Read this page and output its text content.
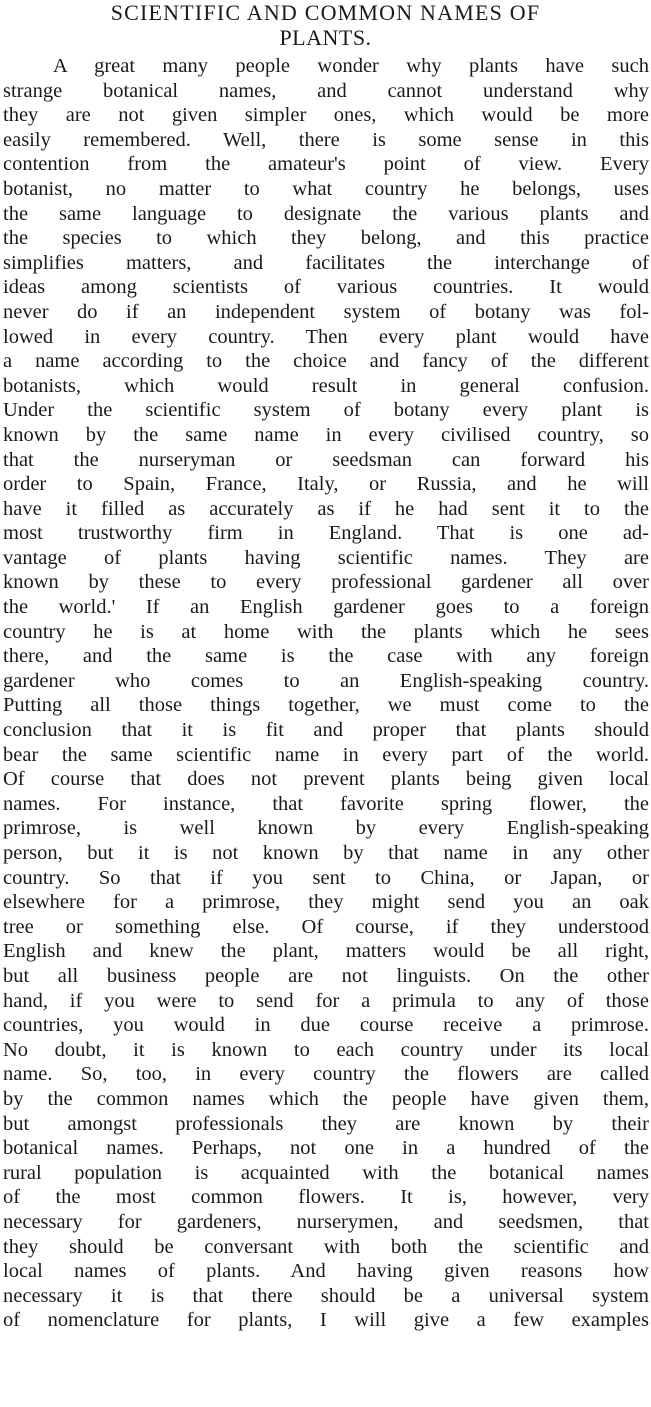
SCIENTIFIC AND COMMON NAMES OF
PLANTS.
A great many people wonder why plants have such
strange botanical names, and cannot understand why
they are not given simpler ones, which would be more
easily remembered. Well, there is some sense in this
contention from the amateur's point of view. Every
botanist, no matter to what country he belongs, uses
the same language to designate the various plants and
the species to which they belong, and this practice
simplifies matters, and facilitates the interchange of
ideas among scientists of various countries. It would
never do if an independent system of botany was fol-
lowed in every country. Then every plant would have
a name according to the choice and fancy of the different
botanists, which would result in general confusion.
Under the scientific system of botany every plant is
known by the same name in every civilised country, so
that the nurseryman or seedsman can forward his
order to Spain, France, Italy, or Russia, and he will
have it filled as accurately as if he had sent it to the
most trustworthy firm in England. That is one ad-
vantage of plants having scientific names. They are
known by these to every professional gardener all over
the world.' If an English gardener goes to a foreign
country he is at home with the plants which he sees
there, and the same is the case with any foreign
gardener who comes to an English-speaking country.
Putting all those things together, we must come to the
conclusion that it is fit and proper that plants should
bear the same scientific name in every part of the world.
Of course that does not prevent plants being given local
names. For instance, that favorite spring flower, the
primrose, is well known by every English-speaking
person, but it is not known by that name in any other
country. So that if you sent to China, or Japan, or
elsewhere for a primrose, they might send you an oak
tree or something else. Of course, if they understood
English and knew the plant, matters would be all right,
but all business people are not linguists. On the other
hand, if you were to send for a primula to any of those
countries, you would in due course receive a primrose.
No doubt, it is known to each country under its local
name. So, too, in every country the flowers are called
by the common names which the people have given them,
but amongst professionals they are known by their
botanical names. Perhaps, not one in a hundred of the
rural population is acquainted with the botanical names
of the most common flowers. It is, however, very
necessary for gardeners, nurserymen, and seedsmen, that
they should be conversant with both the scientific and
local names of plants. And having given reasons how
necessary it is that there should be a universal system
of nomenclature for plants, I will give a few examples
